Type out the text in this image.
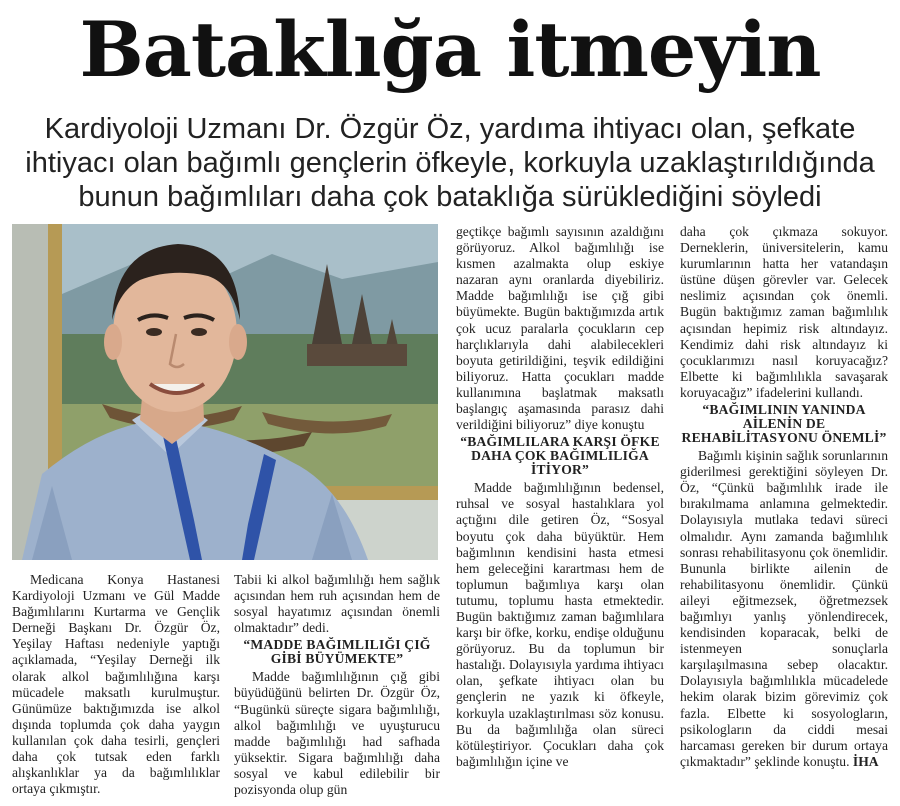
Bataklığa itmeyin
Kardiyoloji Uzmanı Dr. Özgür Öz, yardıma ihtiyacı olan, şefkate ihtiyacı olan bağımlı gençlerin öfkeyle, korkuyla uzaklaştırıldığında bunun bağımlıları daha çok bataklığa sürüklediğini söyledi

Medicana Konya Hastanesi Kardiyoloji Uzmanı ve Gül Madde Bağımlılarını Kurtarma ve Gençlik Derneği Başkanı Dr. Özgür Öz, Yeşilay Haftası nedeniyle yaptığı açıklamada, “Yeşilay Derneği ilk olarak alkol bağımlılığına karşı mücadele maksatlı kurulmuştur. Günümüze baktığımızda ise alkol dışında toplumda çok daha yaygın kullanılan çok daha tesirli, gençleri daha çok tutsak eden farklı alışkanlıklar ya da bağımlılıklar ortaya çıkmıştır.

Tabii ki alkol bağımlılığı hem sağlık açısından hem ruh açısından hem de sosyal hayatımız açısından önemli olmaktadır” dedi.

“MADDE BAĞIMLILIĞI ÇIĞ GİBİ BÜYÜMEKTE”

Madde bağımlılığının çığ gibi büyüdüğünü belirten Dr. Özgür Öz, “Bugünkü süreçte sigara bağımlılığı, alkol bağımlılığı ve uyuşturucu madde bağımlılığı had safhada yüksektir. Sigara bağımlılığı daha sosyal ve kabul edilebilir bir pozisyonda olup gün

geçtikçe bağımlı sayısının azaldığını görüyoruz. Alkol bağımlılığı ise kısmen azalmakta olup eskiye nazaran aynı oranlarda diyebiliriz. Madde bağımlılığı ise çığ gibi büyümekte. Bugün baktığımızda artık çok ucuz paralarla çocukların cep harçlıklarıyla dahi alabilecekleri boyuta getirildiğini, teşvik edildiğini biliyoruz. Hatta çocukları madde kullanımına başlatmak maksatlı başlangıç aşamasında parasız dahi verildiğini biliyoruz” diye konuştu

“BAĞIMLILARA KARŞI ÖFKE DAHA ÇOK BAĞIMLILIĞA İTİYOR”

Madde bağımlılığının bedensel, ruhsal ve sosyal hastalıklara yol açtığını dile getiren Öz, “Sosyal boyutu çok daha büyüktür. Hem bağımlının kendisini hasta etmesi hem geleceğini karartması hem de toplumun bağımlıya karşı olan tutumu, toplumu hasta etmektedir. Bugün baktığımız zaman bağımlılara karşı bir öfke, korku, endişe olduğunu görüyoruz. Bu da toplumun bir hastalığı. Dolayısıyla yardıma ihtiyacı olan, şefkate ihtiyacı olan bu gençlerin ne yazık ki öfkeyle, korkuyla uzaklaştırılması söz konusu. Bu da bağımlılığa olan süreci kötüleştiriyor. Çocukları daha çok bağımlılığın içine ve

daha çok çıkmaza sokuyor. Derneklerin, üniversitelerin, kamu kurumlarının hatta her vatandaşın üstüne düşen görevler var. Gelecek neslimiz açısından çok önemli. Bugün baktığımız zaman bağımlılık açısından hepimiz risk altındayız. Kendimiz dahi risk altındayız ki çocuklarımızı nasıl koruyacağız? Elbette ki bağımlılıkla savaşarak koruyacağız” ifadelerini kullandı.

“BAĞIMLININ YANINDA AİLENİN DE REHABİLİTASYONU ÖNEMLİ”

Bağımlı kişinin sağlık sorunlarının giderilmesi gerektiğini söyleyen Dr. Öz, “Çünkü bağımlılık irade ile bırakılmama anlamına gelmektedir. Dolayısıyla mutlaka tedavi süreci olmalıdır. Aynı zamanda bağımlılık sonrası rehabilitasyonu çok önemlidir. Bununla birlikte ailenin de rehabilitasyonu önemlidir. Çünkü aileyi eğitmezsek, öğretmezsek bağımlıyı yanlış yönlendirecek, kendisinden koparacak, belki de istenmeyen sonuçlarla karşılaşılmasına sebep olacaktır. Dolayısıyla bağımlılıkla mücadelede hekim olarak bizim görevimiz çok fazla. Elbette ki sosyologların, psikologların da ciddi mesai harcaması gereken bir durum ortaya çıkmaktadır” şeklinde konuştu. İHA
